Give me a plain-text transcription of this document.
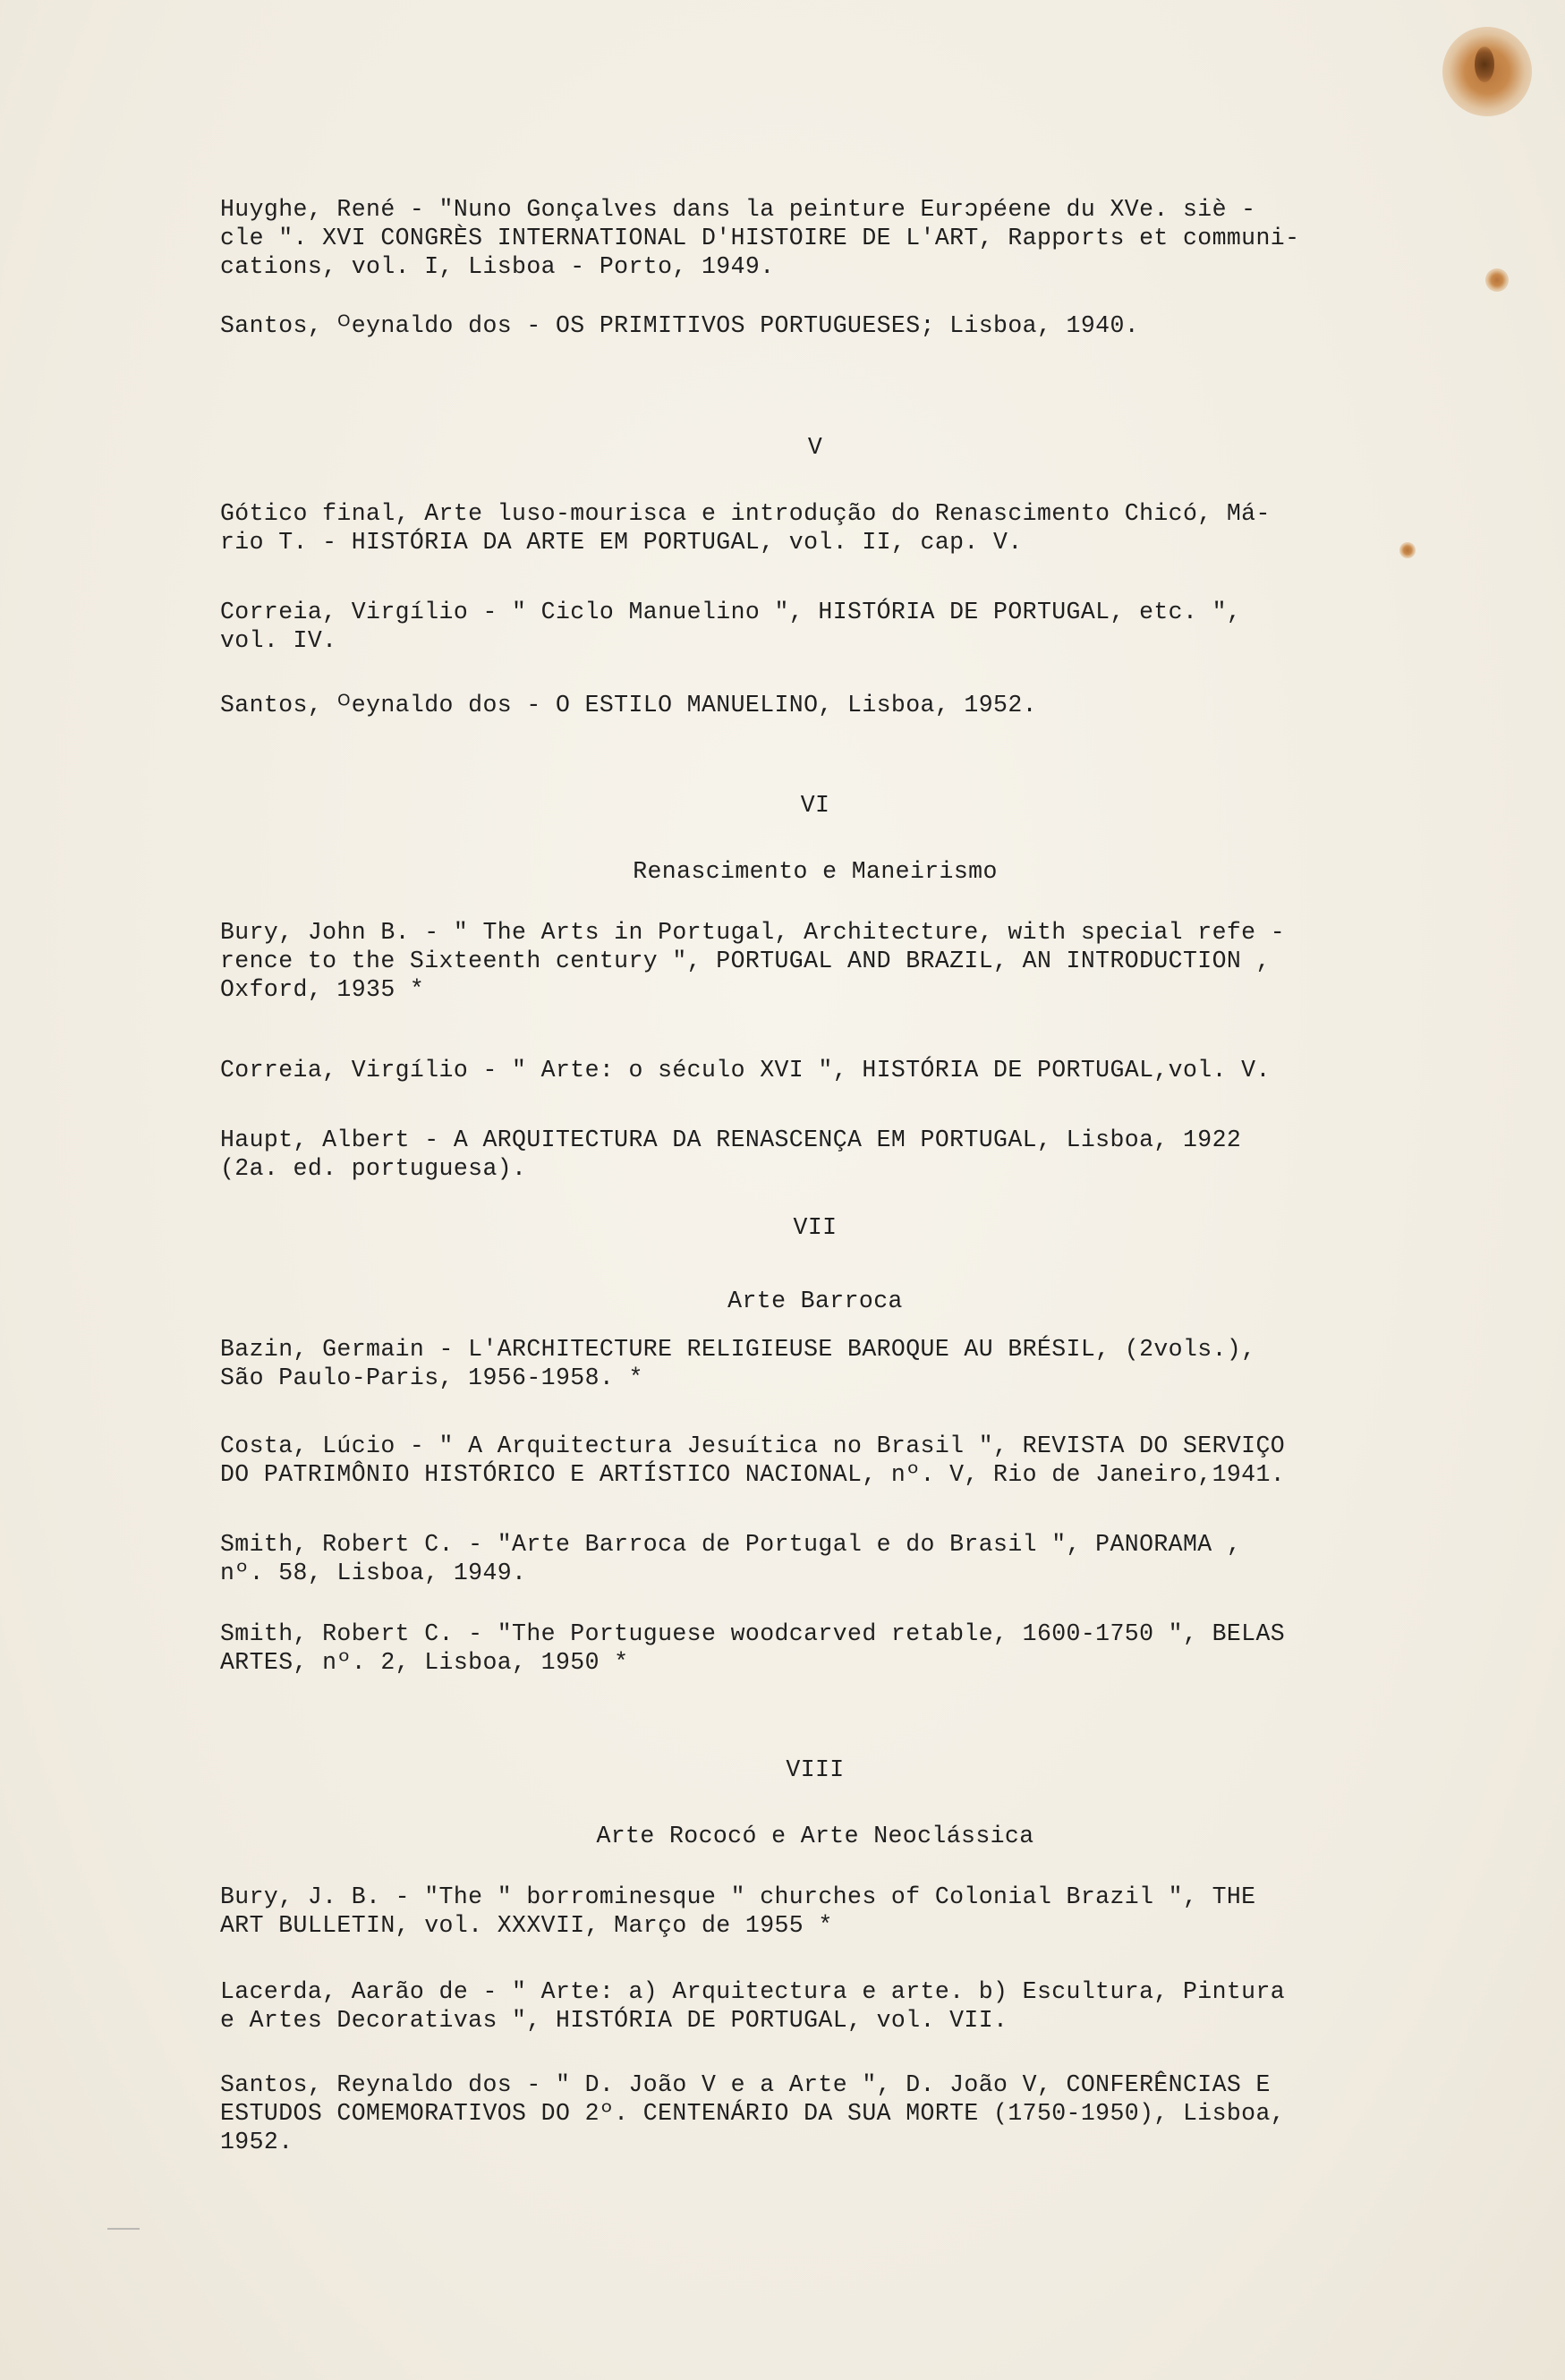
Huyghe, René - "Nuno Gonçalves dans la peinture Eurɔpéene du XVe. siè -
cle ". XVI CONGRÈS INTERNATIONAL D'HISTOIRE DE L'ART, Rapports et communi-
cations, vol. I, Lisboa - Porto, 1949.

Santos, ᴼeynaldo dos - OS PRIMITIVOS PORTUGUESES; Lisboa, 1940.

V

Gótico final, Arte luso-mourisca e introdução do Renascimento Chicó, Má-
rio T. - HISTÓRIA DA ARTE EM PORTUGAL, vol. II, cap. V.

Correia, Virgílio - " Ciclo Manuelino ", HISTÓRIA DE PORTUGAL, etc. ",
vol. IV.

Santos, ᴼeynaldo dos - O ESTILO MANUELINO, Lisboa, 1952.

VI

Renascimento e Maneirismo

Bury, John B. - " The Arts in Portugal, Architecture, with special refe -
rence to the Sixteenth century ", PORTUGAL AND BRAZIL, AN INTRODUCTION ,
Oxford, 1935 *

Correia, Virgílio - " Arte: o século XVI ", HISTÓRIA DE PORTUGAL,vol. V.

Haupt, Albert - A ARQUITECTURA DA RENASCENÇA EM PORTUGAL, Lisboa, 1922
(2a. ed. portuguesa).

VII

Arte Barroca

Bazin, Germain - L'ARCHITECTURE RELIGIEUSE BAROQUE AU BRÉSIL, (2vols.),
São Paulo-Paris, 1956-1958. *

Costa, Lúcio - " A Arquitectura Jesuítica no Brasil ", REVISTA DO SERVIÇO
DO PATRIMÔNIO HISTÓRICO E ARTÍSTICO NACIONAL, nº. V, Rio de Janeiro,1941.

Smith, Robert C. - "Arte Barroca de Portugal e do Brasil ", PANORAMA ,
nº. 58, Lisboa, 1949.

Smith, Robert C. - "The Portuguese woodcarved retable, 1600-1750 ", BELAS
ARTES, nº. 2, Lisboa, 1950 *

VIII

Arte Rococó e Arte Neoclássica

Bury, J. B. - "The " borrominesque " churches of Colonial Brazil ", THE
ART BULLETIN, vol. XXXVII, Março de 1955 *

Lacerda, Aarão de - " Arte: a) Arquitectura e arte. b) Escultura, Pintura
e Artes Decorativas ", HISTÓRIA DE PORTUGAL, vol. VII.

Santos, Reynaldo dos - " D. João V e a Arte ", D. João V, CONFERÊNCIAS E
ESTUDOS COMEMORATIVOS DO 2º. CENTENÁRIO DA SUA MORTE (1750-1950), Lisboa,
1952.
